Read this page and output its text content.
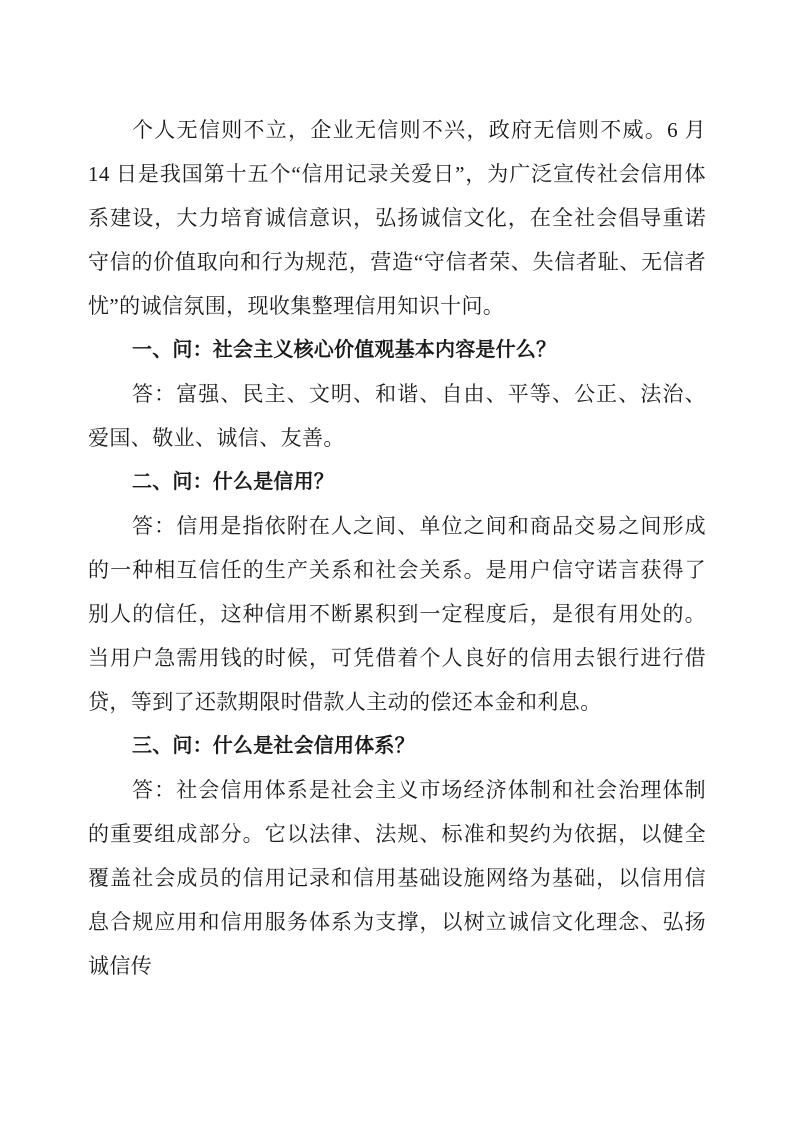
个人无信则不立，企业无信则不兴，政府无信则不威。6 月 14 日是我国第十五个“信用记录关爱日”，为广泛宣传社会信用体系建设，大力培育诚信意识，弘扬诚信文化，在全社会倡导重诺守信的价值取向和行为规范，营造“守信者荣、失信者耻、无信者忧”的诚信氛围，现收集整理信用知识十问。

一、问：社会主义核心价值观基本内容是什么？

答：富强、民主、文明、和谐、自由、平等、公正、法治、爱国、敬业、诚信、友善。

二、问：什么是信用？

答：信用是指依附在人之间、单位之间和商品交易之间形成的一种相互信任的生产关系和社会关系。是用户信守诺言获得了别人的信任，这种信用不断累积到一定程度后，是很有用处的。当用户急需用钱的时候，可凭借着个人良好的信用去银行进行借贷，等到了还款期限时借款人主动的偿还本金和利息。

三、问：什么是社会信用体系？

答：社会信用体系是社会主义市场经济体制和社会治理体制的重要组成部分。它以法律、法规、标准和契约为依据，以健全覆盖社会成员的信用记录和信用基础设施网络为基础，以信用信息合规应用和信用服务体系为支撑，以树立诚信文化理念、弘扬诚信传
